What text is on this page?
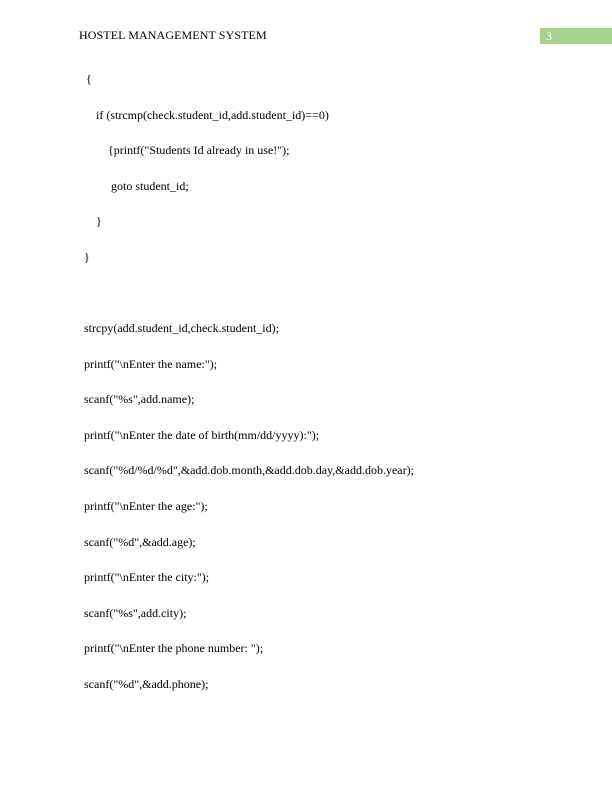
HOSTEL MANAGEMENT SYSTEM	3
{
if (strcmp(check.student_id,add.student_id)==0)
{printf("Students Id already in use!");
goto student_id;
}
}
strcpy(add.student_id,check.student_id);
printf("\nEnter the name:");
scanf("%s",add.name);
printf("\nEnter the date of birth(mm/dd/yyyy):");
scanf("%d/%d/%d",&add.dob.month,&add.dob.day,&add.dob.year);
printf("\nEnter the age:");
scanf("%d",&add.age);
printf("\nEnter the city:");
scanf("%s",add.city);
printf("\nEnter the phone number: ");
scanf("%d",&add.phone);
